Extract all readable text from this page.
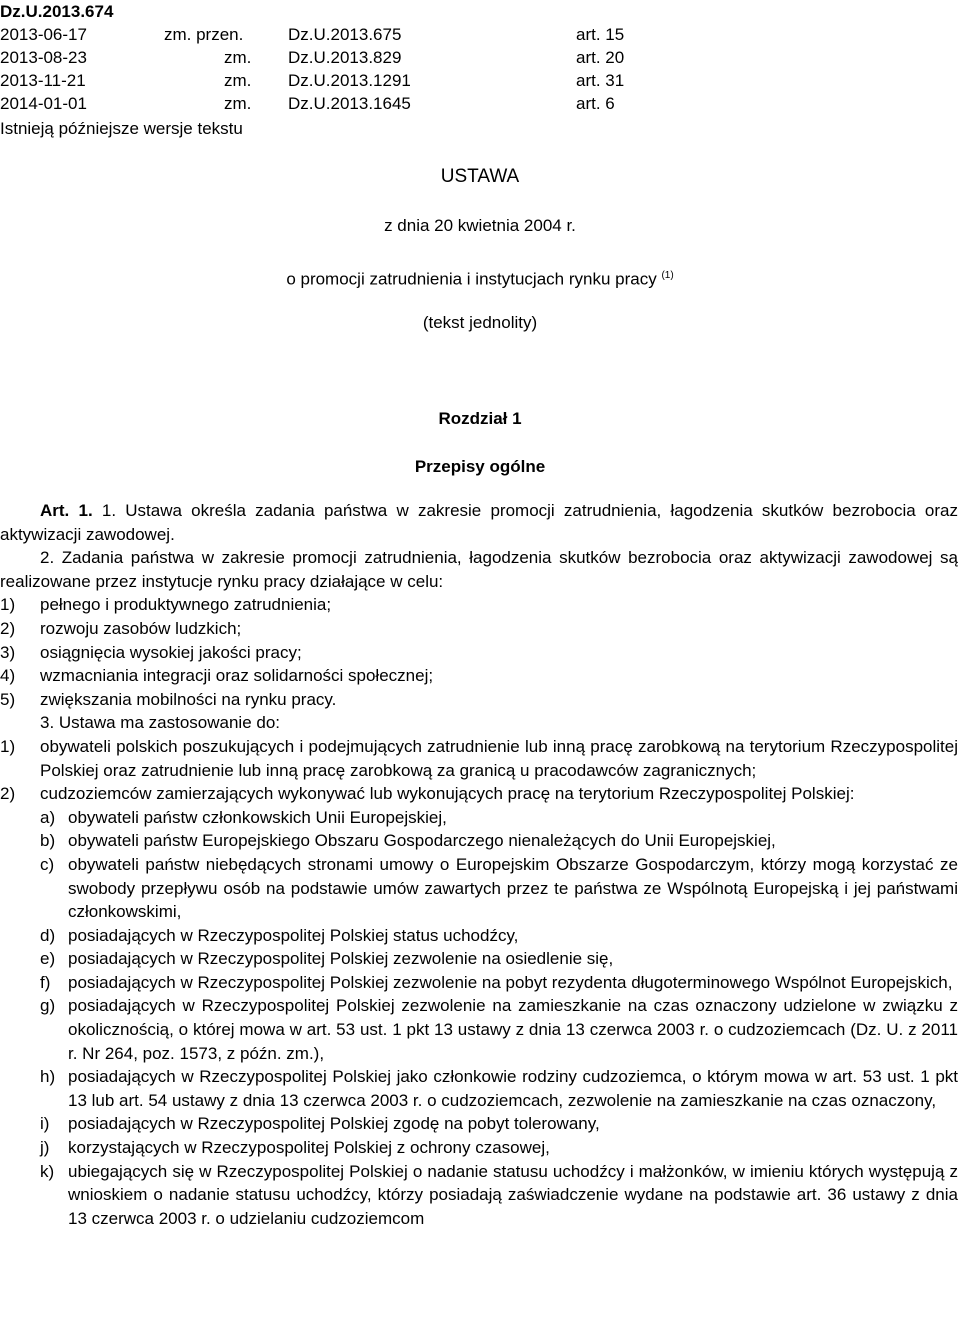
Dz.U.2013.674
2013-06-17	zm. przen.	Dz.U.2013.675	art. 15
2013-08-23	zm. Dz.U.2013.829	art. 20
2013-11-21	zm. Dz.U.2013.1291	art. 31
2014-01-01	zm. Dz.U.2013.1645	art. 6
Istnieją późniejsze wersje tekstu
USTAWA
z dnia 20 kwietnia 2004 r.
o promocji zatrudnienia i instytucjach rynku pracy $^{(1)}$
(tekst jednolity)
Rozdział 1
Przepisy ogólne

Art. 1. 1. Ustawa określa zadania państwa w zakresie promocji zatrudnienia, łagodzenia skutków bezrobocia oraz aktywizacji zawodowej.

2. Zadania państwa w zakresie promocji zatrudnienia, łagodzenia skutków bezrobocia oraz aktywizacji zawodowej są realizowane przez instytucje rynku pracy działające w celu:

1)	pełnego i produktywnego zatrudnienia;
2)	rozwoju zasobów ludzkich;
3)	osiągnięcia wysokiej jakości pracy;
4)	wzmacniania integracji oraz solidarności społecznej;
5)	zwiększania mobilności na rynku pracy.

3. Ustawa ma zastosowanie do:

1)	obywateli polskich poszukujących i podejmujących zatrudnienie lub inną pracę zarobkową na terytorium Rzeczypospolitej Polskiej oraz zatrudnienie lub inną pracę zarobkową za granicą u pracodawców zagranicznych;
2)	cudzoziemców zamierzających wykonywać lub wykonujących pracę na terytorium Rzeczypospolitej Polskiej:
a) obywateli państw członkowskich Unii Europejskiej,
b) obywateli państw Europejskiego Obszaru Gospodarczego nienależących do Unii Europejskiej,
c) obywateli państw niebędących stronami umowy o Europejskim Obszarze Gospodarczym, którzy mogą korzystać ze swobody przepływu osób na podstawie umów zawartych przez te państwa ze Wspólnotą Europejską i jej państwami członkowskimi,
d) posiadających w Rzeczypospolitej Polskiej status uchodźcy,
e) posiadających w Rzeczypospolitej Polskiej zezwolenie na osiedlenie się,
f)	posiadających w Rzeczypospolitej Polskiej zezwolenie na pobyt rezydenta długoterminowego Wspólnot Europejskich,
g) posiadających w Rzeczypospolitej Polskiej zezwolenie na zamieszkanie na czas oznaczony udzielone w związku z okolicznością, o której mowa w art. 53 ust. 1 pkt 13 ustawy z dnia 13 czerwca 2003 r. o cudzoziemcach (Dz. U. z 2011 r. Nr 264, poz. 1573, z późn. zm.),
h) posiadających w Rzeczypospolitej Polskiej jako członkowie rodziny cudzoziemca, o którym mowa w art. 53 ust. 1 pkt 13 lub art. 54 ustawy z dnia 13 czerwca 2003 r. o cudzoziemcach, zezwolenie na zamieszkanie na czas oznaczony,
i)	posiadających w Rzeczypospolitej Polskiej zgodę na pobyt tolerowany,
j)	korzystających w Rzeczypospolitej Polskiej z ochrony czasowej,
k) ubiegających się w Rzeczypospolitej Polskiej o nadanie statusu uchodźcy i małżonków, w imieniu których występują z wnioskiem o nadanie statusu uchodźcy, którzy posiadają zaświadczenie wydane na podstawie art. 36 ustawy z dnia 13 czerwca 2003 r. o udzielaniu cudzoziemcom
